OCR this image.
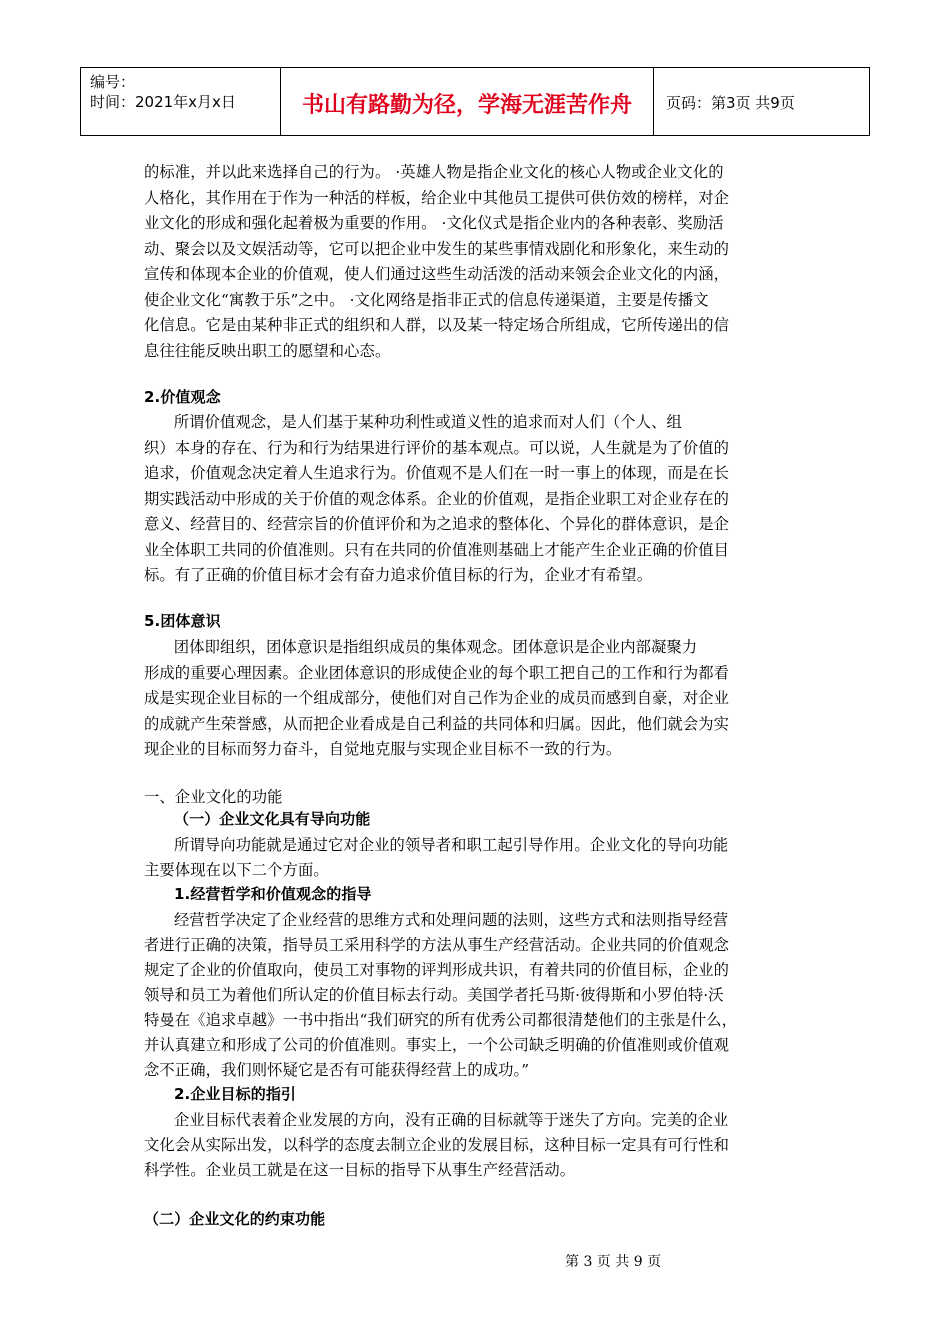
编号：
时间：2021年x月x日	书山有路勤为径，学海无涯苦作舟	页码：第3页 共9页
的标准，并以此来选择自己的行为。 ·英雄人物是指企业文化的核心人物或企业文化的
人格化，其作用在于作为一种活的样板，给企业中其他员工提供可供仿效的榜样，对企
业文化的形成和强化起着极为重要的作用。 ·文化仪式是指企业内的各种表彰、奖励活
动、聚会以及文娱活动等，它可以把企业中发生的某些事情戏剧化和形象化，来生动的
宣传和体现本企业的价值观，使人们通过这些生动活泼的活动来领会企业文化的内涵，
使企业文化“寓教于乐”之中。 ·文化网络是指非正式的信息传递渠道，主要是传播文
化信息。它是由某种非正式的组织和人群，以及某一特定场合所组成，它所传递出的信
息往往能反映出职工的愿望和心态。
2.价值观念
所谓价值观念，是人们基于某种功利性或道义性的追求而对人们（个人、组
织）本身的存在、行为和行为结果进行评价的基本观点。可以说，人生就是为了价值的
追求，价值观念决定着人生追求行为。价值观不是人们在一时一事上的体现，而是在长
期实践活动中形成的关于价值的观念体系。企业的价值观，是指企业职工对企业存在的
意义、经营目的、经营宗旨的价值评价和为之追求的整体化、个异化的群体意识，是企
业全体职工共同的价值准则。只有在共同的价值准则基础上才能产生企业正确的价值目
标。有了正确的价值目标才会有奋力追求价值目标的行为，企业才有希望。
5.团体意识
团体即组织，团体意识是指组织成员的集体观念。团体意识是企业内部凝聚力
形成的重要心理因素。企业团体意识的形成使企业的每个职工把自己的工作和行为都看
成是实现企业目标的一个组成部分，使他们对自己作为企业的成员而感到自豪，对企业
的成就产生荣誉感，从而把企业看成是自己利益的共同体和归属。因此，他们就会为实
现企业的目标而努力奋斗，自觉地克服与实现企业目标不一致的行为。
一、企业文化的功能
（一）企业文化具有导向功能
所谓导向功能就是通过它对企业的领导者和职工起引导作用。企业文化的导向功能
主要体现在以下二个方面。
1.经营哲学和价值观念的指导
经营哲学决定了企业经营的思维方式和处理问题的法则，这些方式和法则指导经营
者进行正确的决策，指导员工采用科学的方法从事生产经营活动。企业共同的价值观念
规定了企业的价值取向，使员工对事物的评判形成共识，有着共同的价值目标，企业的
领导和员工为着他们所认定的价值目标去行动。美国学者托马斯·彼得斯和小罗伯特·沃
特曼在《追求卓越》一书中指出“我们研究的所有优秀公司都很清楚他们的主张是什么，
并认真建立和形成了公司的价值准则。事实上，一个公司缺乏明确的价值准则或价值观
念不正确，我们则怀疑它是否有可能获得经营上的成功。”
2.企业目标的指引
企业目标代表着企业发展的方向，没有正确的目标就等于迷失了方向。完美的企业
文化会从实际出发，以科学的态度去制立企业的发展目标，这种目标一定具有可行性和
科学性。企业员工就是在这一目标的指导下从事生产经营活动。
（二）企业文化的约束功能
第 3 页 共 9 页
